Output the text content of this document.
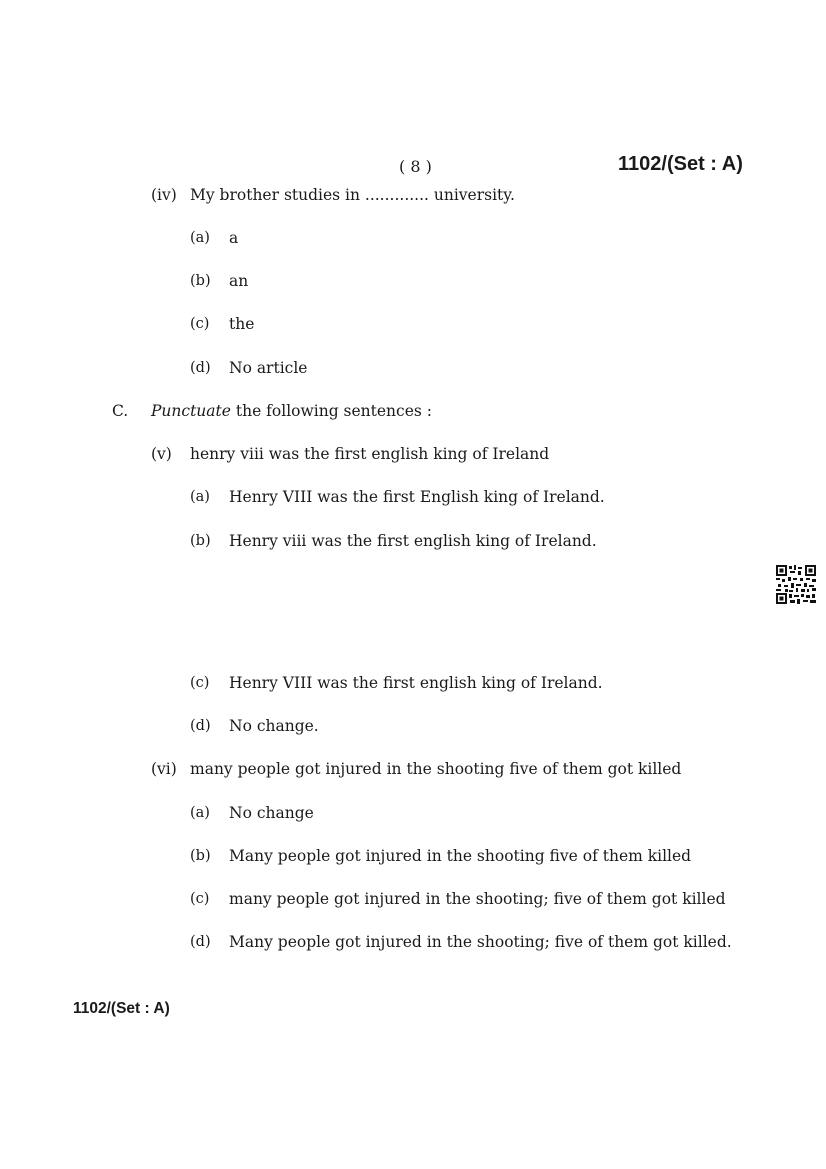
( 8 )	1102/(Set : A)
(iv) My brother studies in ............. university.
(a) a
(b) an
(c) the
(d) No article
C. Punctuate the following sentences :
(v) henry viii was the first english king of Ireland
(a) Henry VIII was the first English king of Ireland.
(b) Henry viii was the first english king of Ireland.
(c) Henry VIII was the first english king of Ireland.
(d) No change.
(vi) many people got injured in the shooting five of them got killed
(a) No change
(b) Many people got injured in the shooting five of them killed
(c) many people got injured in the shooting; five of them got killed
(d) Many people got injured in the shooting; five of them got killed.
1102/(Set : A)
